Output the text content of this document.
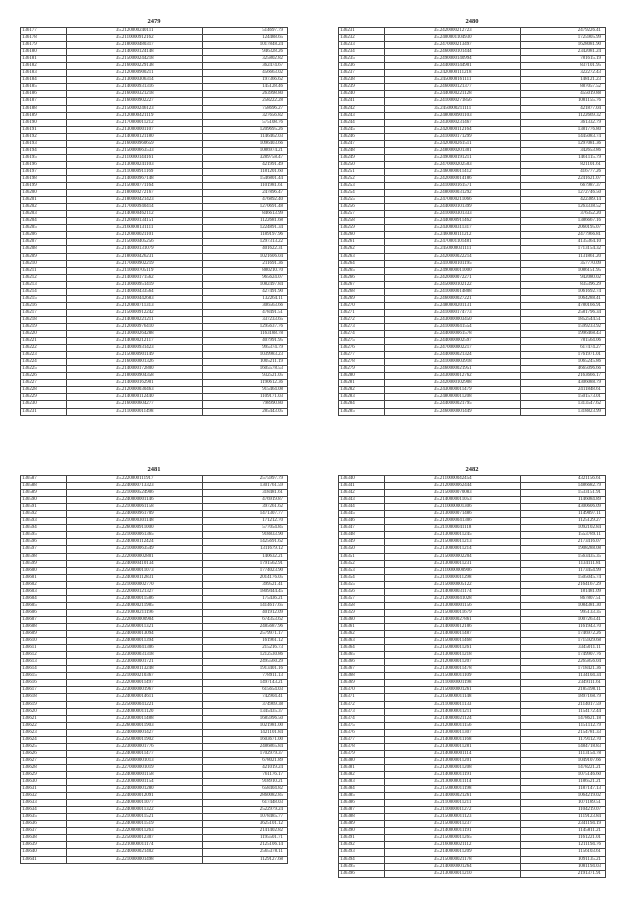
2479
136177	35.2120000240111	514697.79
136178	35.2110000912162	124488.65
136179	35.2180000480317	1017848.24
136180	35.2140000124148	946328.26
136181	35.2150000244218	325802.82
136182	35.2160000229138	362474.67
136183	35.2120000900211	456663.02
136184	35.2130000306314	197366.62
136185	35.2140000931316	145128.46
136186	35.2160000321218	263998.80
136187	35.2160000902227	258222.28
136188	35.2150000246123	758696.27
136189	35.2120000421119	327656.82
136190	35.2170000011212	575108.76
136191	35.2130000001107	1209695.26
136192	35.2140000121180	1146462.03
136193	35.2160000960659	1096403.66
136194	35.2150000663533	1086974.21
136195	35.2110000144161	3289758.47
136196	35.2130000241103	421991.49
136197	35.2110000911169	1181201.60
136198	35.2140000967148	1546801.44
136199	35.2150000771164	1101981.61
136200	35.2180000272167	247896.47
136201	35.2180000421423	476892.40
136202	35.2170000940414	1270691.48
136203	35.2140000462112	846613.99
136204	35.2120000134151	1122681.68
136205	35.2160000131111	1224891.34
136206	35.2120000021101	1189197.96
136207	35.2150000405256	1297313.22
136208	35.2140000131079	401622.31
136209	35.2180000426231	1021606.04
136210	35.2170000902219	211691.36
136211	35.2110000705119	880210.70
136212	35.2140000171562	965624.07
136213	35.2130000951419	1082497.84
136214	35.2140000433564	427491.90
136215	35.2160000442683	132264.11
136216	35.2120000711313	306563.66
136217	35.2150000912242	478491.51
136218	35.2140000221211	337233.65
136219	35.2120000976410	1295637.76
136220	35.2130000264288	1163188.78
136221	35.2140000212117	407991.95
136222	35.2140000931423	995374.79
136223	35.2150000901149	1039983.23
136224	35.2160000001326	1005211.19
136225	35.2140000172800	1605578.53
136226	35.2180000904358	932521.05
136227	35.2140000162901	1190612.36
136228	35.2120000030463	915464.08
136229	35.2140000112440	1109171.03
136230	35.2160000604277	798990.80
136231	35.2110000011498	285443.05
2480
136231	35.2420000212723	2479226.41
136232	35.2400001104930	1725905.99
136233	35.2470000213497	1628081.90
136234	35.2460000101444	2342081.24
136235	35.2490000140994	781615.19
136236	35.2440000144901	837101.95
136237	35.2420000111218	322272.43
136238	35.2450000161111	148121.23
136239	35.2460000121377	887057.52
136240	35.2440000221128	455019.88
136241	35.2410000271856	1081155.76
136242	35.2450000211111	421877.04
136243	35.2480000901103	1122669.32
136244	35.2430000231467	361332.79
136245	35.2420000112164	1381776.80
136246	35.2410000171299	1445083.74
136247	35.2420000261511	1297081.36
136248	35.2480000201301	342653.86
136249	35.2490000191211	1461115.79
136250	35.2470000202503	821101.61
136251	35.2460000011412	416777.26
136252	35.2420000014186	2241621.07
136253	35.2410000161571	667987.37
136254	35.2480000031292	1272746.50
136255	35.2470000211066	422389.14
136256	35.2440000101399	1263338.52
136257	35.2410000301333	376352.20
136258	35.2440000911462	1386667.16
136259	35.2430000311317	2060195.07
136260	35.2460000111212	2477966.81
136261	35.2470001101481	4135364.10
136262	35.2450000031111	1713154.32
136263	35.2420000022214	1131861.20
136264	35.2410000101195	357770.09
136265	35.2490000011000	1086151.95
136266	35.2420000072271	942080.02
136267	35.2450000102122	835396.29
136268	35.2410000014808	1061692.74
136269	35.2460000027221	1064288.41
136270	35.2480000201131	4780166.91
136271	35.2410000174773	2581796.34
136272	35.2430000003450	1852544.51
136273	35.2410000041554	1599233.92
136274	35.2440000061578	1996468.43
136275	35.2440000002597	781564.06
136276	35.2470000002217	617474.27
136277	35.2440000021324	1761971.01
136278	35.2410000003918	1065245.86
136279	35.2460000021951	4665096.66
136280	35.2430000012762	2163666.17
136281	35.2420000102908	4306088.79
136282	35.2430000011479	2411848.61
136283	35.2480000011208	1501573.01
136284	35.2440000021795	1313547.62
136285	35.2460000001449	1318823.99
2481
136587	35.2220000111917	2575997.79
136588	35.2240000713323	1301761.59
136589	35.2210000524906	318481.61
136590	35.2240000001146	476919.87
136591	35.2210000061158	397261.62
136592	35.2240000961709	1471307.77
136593	35.2210000301148	171212.70
136594	35.2260000911000	577054.85
136595	35.2210000061365	918833.90
136596	35.2240000112424	1425691.62
136597	35.2210000063549	1311679.12
136598	35.2220000002801	140632.21
136599	35.2240000410134	1791562.91
136600	35.2250000011073	1774023.90
136601	35.2240000112831	2014176.05
136602	35.2210000002770	399521.41
136603	35.2220000121327	1809444.45
136604	35.2240000011586	175436.21
136605	35.2240000211985	1414617.65
136606	35.2210000211196	401912.09
136607	35.2220000000904	674353.62
136608	35.2250000011321	2485687.96
136609	35.2240000013094	2579971.17
136610	35.2240000011394	161961.12
136611	35.2250000041306	215216.73
136612	35.2230000031318	1212530.86
136613	35.2230000001721	2495560.29
136614	35.2240000113248	1913401.16
136615	35.2210000210367	778911.13
136616	35.2220000011497	1497143.21
136617	35.2230000001967	615654.03
136618	35.2240000014611	742904.41
136619	35.2250000041221	374969.38
136620	35.2240000011120	1345435.37
136621	35.2230000011488	1685996.50
136622	35.2260000011903	1021981.00
136623	35.2240000001427	1421101.84
136624	35.2250000011902	1603671.00
136625	35.2230000001776	2486865.84
136626	35.2240000011477	1702979.37
136627	35.2250000001013	678021.89
136628	35.2270000001019	421019.24
136629	35.2240000001158	761176.17
136630	35.2230000001154	918910.21
136631	35.2240000001280	658404.82
136632	35.2240000012091	2860082.85
136633	35.2240000011077	617448.03
136634	35.2240000011322	2522979.24
136635	35.2210000011521	1078485.77
136636	35.2240000011519	3625101.12
136637	35.2220000011263	2141402.82
136638	35.2250000012307	1195501.71
136639	35.2210000011174	2125106.14
136640	35.2240000021402	2565378.11
136641	35.2210000001498	1129127.68
2482
136340	35.2110000042454	4321156.61
136341	35.2120000062444	1486682.79
136342	35.2150000070083	1533151.91
136343	35.2140000011053	1146084.89
136344	35.2110000001306	4300606.09
136345	35.2130000071486	1149097.11
136346	35.2120000041306	1125129.27
136347	35.2110000041118	1092102.84
136348	35.2130000011245	1553789.11
136349	35.2150000011213	2173416.07
136350	35.2130000011214	1908288.08
136351	35.2150000002204	1563435.35
136352	35.2130000011231	1134111.81
136353	35.2110000000906	1173454.99
136354	35.2110000011298	1505045.74
136355	35.2150000005122	2164167.29
136356	35.2140000031174	181481.09
136357	35.2120000041028	867807.51
136358	35.2130000001156	1084381.30
136359	35.2150000011679	995133.35
136360	35.2140000027861	1007263.41
136361	35.2140000012106	1161943.70
136362	35.2140000011487	1746972.26
136363	35.2150000011468	1715929.68
136364	35.2150000011261	3345011.11
136365	35.2130000011218	1749907.76
136366	35.2120000011207	2265856.04
136367	35.2130000011478	1718421.36
136368	35.2150000011109	1134104.34
136369	35.2110000001198	2349111.61
136370	35.2150000001261	2185198.11
136371	35.2150000011148	1897168.79
136372	35.2110000011133	2114017.59
136373	35.2140000011211	1154172.44
136374	35.2140000021124	1478621.18
136375	35.2120000011156	1151112.79
136376	35.2130000011307	2154781.33
136377	35.2140000011168	1179112.70
136378	35.2130000011281	1484718.83
136379	35.2140000001114	1113154.78
136380	35.2130000011201	1049107.66
136381	35.2120000011208	1478221.21
136382	35.2140000011191	1075146.60
136383	35.2130000011114	1186521.21
136384	35.2150000011198	1187147.13
136385	35.2140000021261	1064219.02
136386	35.2110000011211	1071189.51
136387	35.2110000011272	1104219.07
136388	35.2150000011123	1119123.84
136389	35.2150000011237	2341194.19
136390	35.2140000011191	1145811.21
136391	35.2150000011265	1161221.01
136392	35.2160000021112	1211194.76
136393	35.2140000011209	1156103.61
136394	35.2150000021178	1091135.21
136395	35.2140000001264	1081194.03
136396	35.2130000011210	2191371.91
